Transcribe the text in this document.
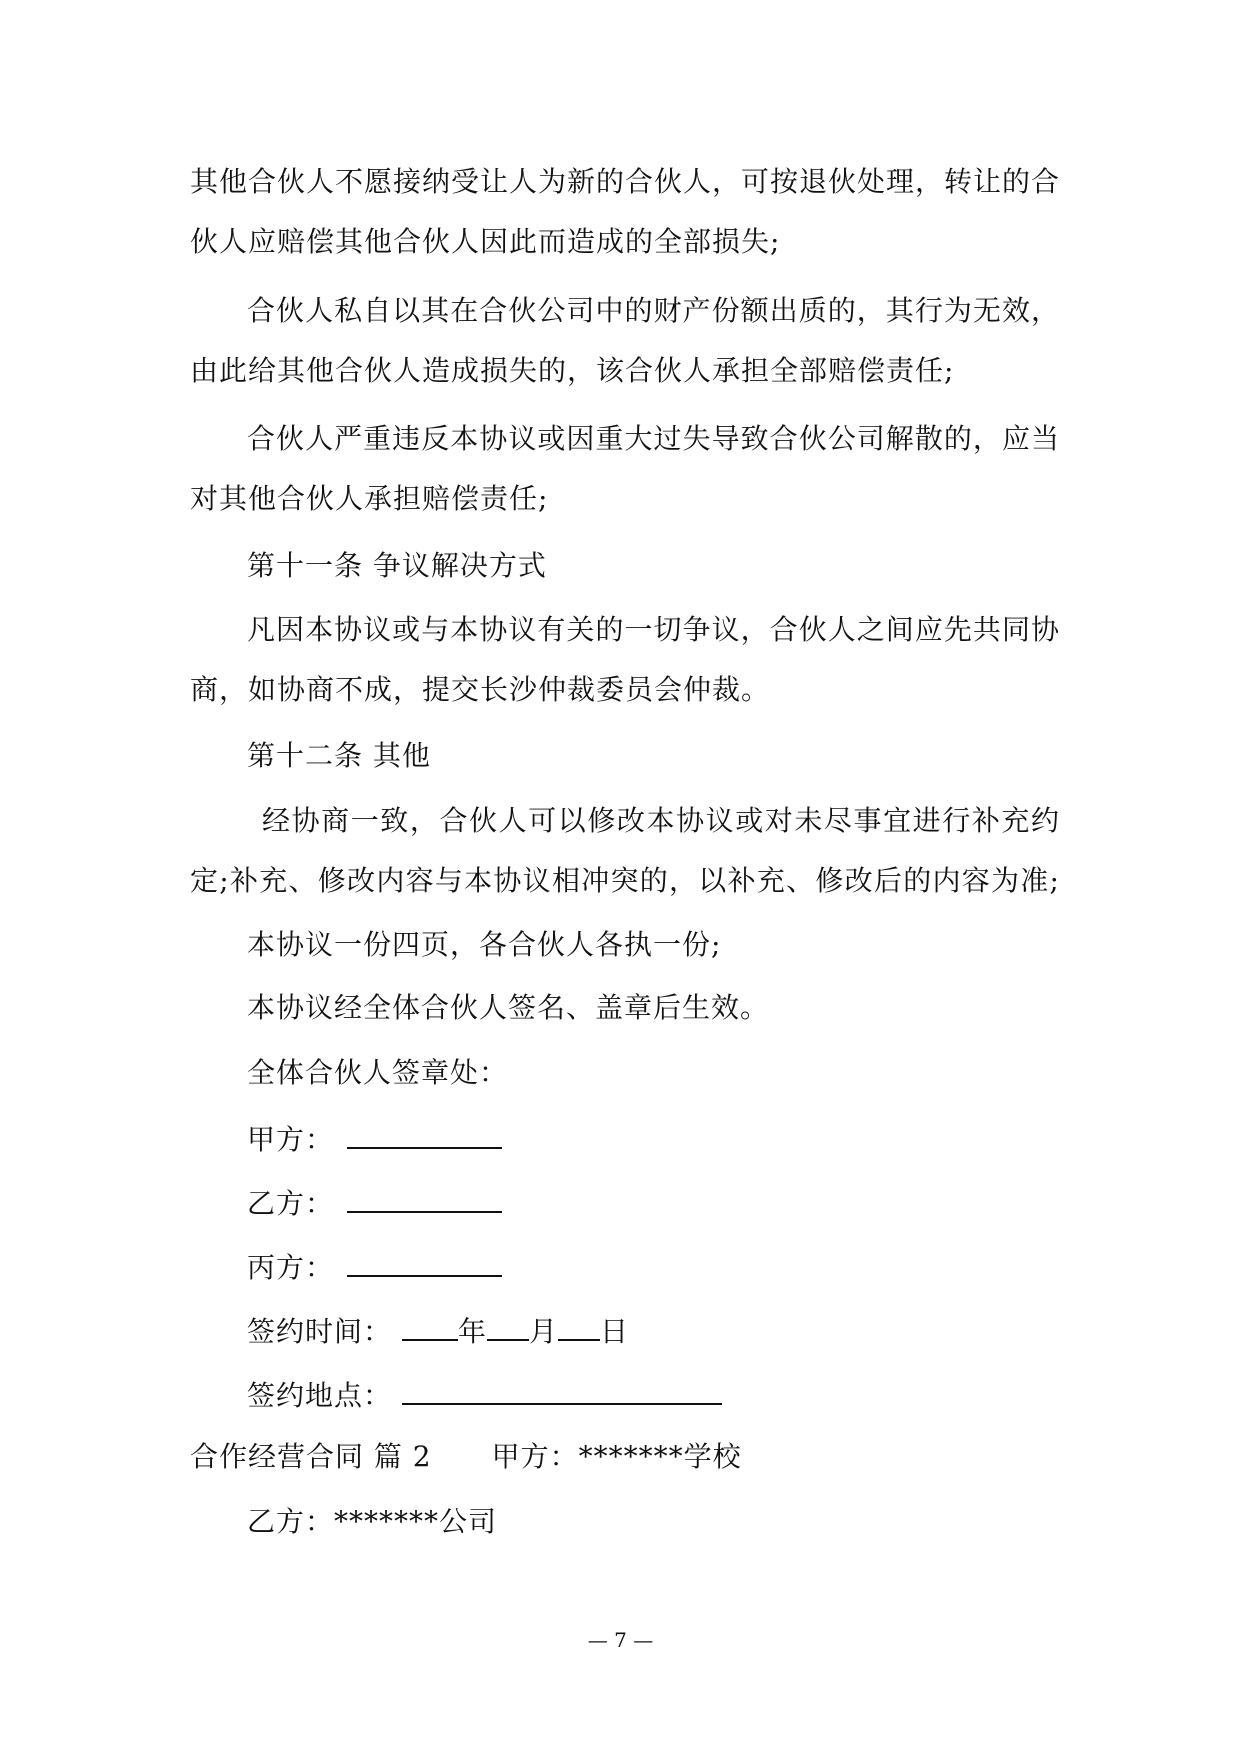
其他合伙人不愿接纳受让人为新的合伙人，可按退伙处理，转让的合
伙人应赔偿其他合伙人因此而造成的全部损失;
合伙人私自以其在合伙公司中的财产份额出质的，其行为无效，
由此给其他合伙人造成损失的，该合伙人承担全部赔偿责任;
合伙人严重违反本协议或因重大过失导致合伙公司解散的，应当
对其他合伙人承担赔偿责任;
第十一条 争议解决方式
凡因本协议或与本协议有关的一切争议，合伙人之间应先共同协
商，如协商不成，提交长沙仲裁委员会仲裁。
第十二条 其他
经协商一致，合伙人可以修改本协议或对未尽事宜进行补充约
定;补充、修改内容与本协议相冲突的，以补充、修改后的内容为准;
本协议一份四页，各合伙人各执一份;
本协议经全体合伙人签名、盖章后生效。
全体合伙人签章处：
甲方：
乙方：
丙方：
签约时间： 年 月 日
签约地点：
合作经营合同 篇 2 甲方：*******学校
乙方：*******公司
— 7 —
